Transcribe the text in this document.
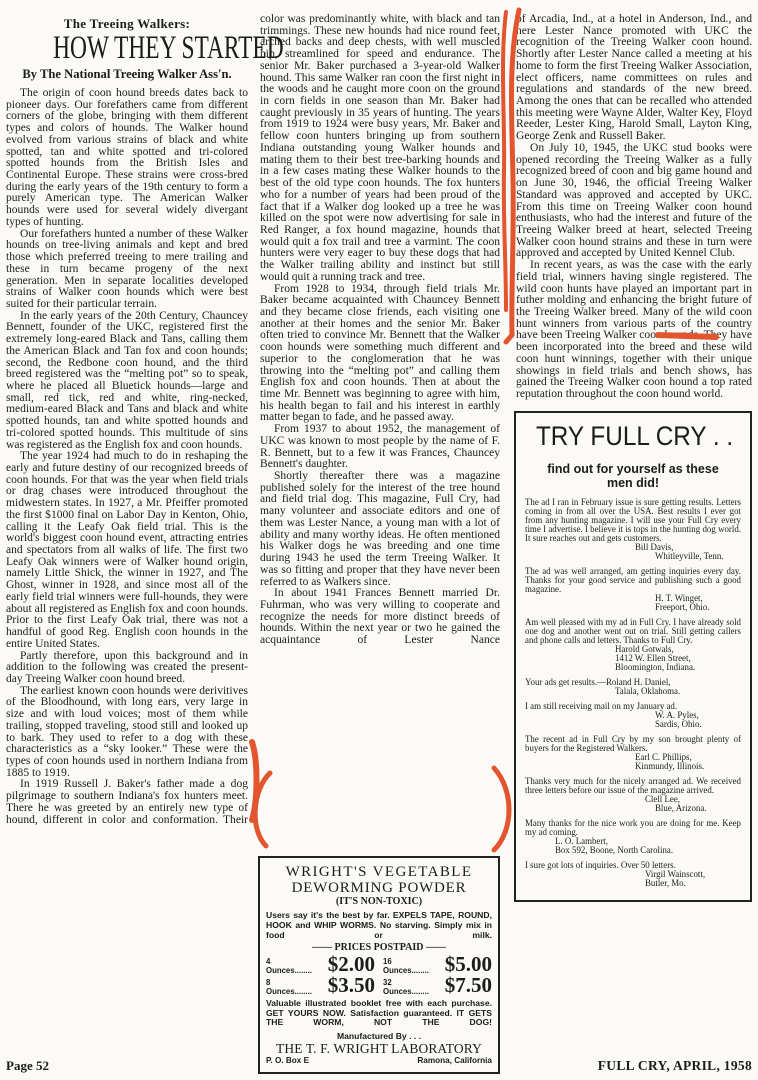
The Treeing Walkers:
HOW THEY STARTED
By The National Treeing Walker Ass'n.

The origin of coon hound breeds dates back to pioneer days. Our forefathers came from different corners of the globe, bringing with them different types and colors of hounds. The Walker hound evolved from various strains of black and white spotted, tan and white spotted and tri-colored spotted hounds from the British Isles and Continental Europe. These strains were cross-bred during the early years of the 19th century to form a purely American type. The American Walker hounds were used for several widely divergant types of hunting.

Our forefathers hunted a number of these Walker hounds on tree-living animals and kept and bred those which preferred treeing to mere trailing and these in turn became progeny of the next generation. Men in separate localities developed strains of Walker coon hounds which were best suited for their particular terrain.

In the early years of the 20th Century, Chauncey Bennett, founder of the UKC, registered first the extremely long-eared Black and Tans, calling them the American Black and Tan fox and coon hounds; second, the Redbone coon hound, and the third breed registered was the “melting pot” so to speak, where he placed all Bluetick hounds—large and small, red tick, red and white, ring-necked, medium-eared Black and Tans and black and white spotted hounds, tan and white spotted hounds and tri-colored spotted hounds. This multitude of sins was registered as the English fox and coon hounds.

The year 1924 had much to do in reshaping the early and future destiny of our recognized breeds of coon hounds. For that was the year when field trials or drag chases were introduced throughout the midwestern states. In 1927, a Mr. Pfeiffer promoted the first $1000 final on Labor Day in Kenton, Ohio, calling it the Leafy Oak field trial. This is the world's biggest coon hound event, attracting entries and spectators from all walks of life. The first two Leafy Oak winners were of Walker hound origin, namely Little Shick, the winner in 1927, and The Ghost, winner in 1928, and since most all of the early field trial winners were full-hounds, they were about all registered as English fox and coon hounds. Prior to the first Leafy Oak trial, there was not a handful of good Reg. English coon hounds in the entire United States.

Partly therefore, upon this background and in addition to the following was created the present-day Treeing Walker coon hound breed.

The earliest known coon hounds were derivitives of the Bloodhound, with long ears, very large in size and with loud voices; most of them while trailing, stopped traveling, stood still and looked up to bark. They used to refer to a dog with these characteristics as a “sky looker.” These were the types of coon hounds used in northern Indiana from 1885 to 1919.

In 1919 Russell J. Baker's father made a dog pilgrimage to southern Indiana's fox hunters meet. There he was greeted by an entirely new type of hound, different in color and conformation. Their

Page 52

color was predominantly white, with black and tan trimmings. These new hounds had nice round feet, arched backs and deep chests, with well muscled hip, streamlined for speed and endurance. The senior Mr. Baker purchased a 3-year-old Walker hound. This same Walker ran coon the first night in the woods and he caught more coon on the ground in corn fields in one season than Mr. Baker had caught previously in 35 years of hunting. The years from 1919 to 1924 were busy years, Mr. Baker and fellow coon hunters bringing up from southern Indiana outstanding young Walker hounds and mating them to their best tree-barking hounds and in a few cases mating these Walker hounds to the best of the old type coon hounds. The fox hunters who for a number of years had been proud of the fact that if a Walker dog looked up a tree he was killed on the spot were now advertising for sale in Red Ranger, a fox hound magazine, hounds that would quit a fox trail and tree a varmint. The coon hunters were very eager to buy these dogs that had the Walker trailing ability and instinct but still would quit a running track and tree.

From 1928 to 1934, through field trials Mr. Baker became acquainted with Chauncey Bennett and they became close friends, each visiting one another at their homes and the senior Mr. Baker often tried to convince Mr. Bennett that the Walker coon hounds were something much different and superior to the conglomeration that he was throwing into the “melting pot” and calling them English fox and coon hounds. Then at about the time Mr. Bennett was beginning to agree with him, his health began to fail and his interest in earthly matter began to fade, and he passed away.

From 1937 to about 1952, the management of UKC was known to most people by the name of F. R. Bennett, but to a few it was Frances, Chauncey Bennett's daughter.

Shortly thereafter there was a magazine published solely for the interest of the tree hound and field trial dog. This magazine, Full Cry, had many volunteer and associate editors and one of them was Lester Nance, a young man with a lot of ability and many worthy ideas. He often mentioned his Walker dogs he was breeding and one time during 1943 he used the term Treeing Walker. It was so fitting and proper that they have never been referred to as Walkers since.

In about 1941 Frances Bennett married Dr. Fuhrman, who was very willing to cooperate and recognize the needs for more distinct breeds of hounds. Within the next year or two he gained the acquaintance of Lester Nance

WRIGHT'S VEGETABLE
DEWORMING POWDER
(IT'S NON-TOXIC)
Users say it's the best by far. EXPELS TAPE, ROUND, HOOK and WHIP WORMS. No starving. Simply mix in food or milk.
—— PRICES POSTPAID ——
4
Ounces........ $2.00 16
Ounces........ $5.00
8
Ounces........ $3.50 32
Ounces........ $7.50
Valuable illustrated booklet free with each purchase. GET YOURS NOW. Satisfaction guaranteed. IT GETS THE WORM, NOT THE DOG!
Manufactured By . . .
THE T. F. WRIGHT LABORATORY
P. O. Box E	Ramona, California

of Arcadia, Ind., at a hotel in Anderson, Ind., and here Lester Nance promoted with UKC the recognition of the Treeing Walker coon hound. Shortly after Lester Nance called a meeting at his home to form the first Treeing Walker Association, elect officers, name committees on rules and regulations and standards of the new breed. Among the ones that can be recalled who attended this meeting were Wayne Alder, Walter Key, Floyd Reeder, Lester King, Harold Small, Layton King, George Zenk and Russell Baker.

On July 10, 1945, the UKC stud books were opened recording the Treeing Walker as a fully recognized breed of coon and big game hound and on June 30, 1946, the official Treeing Walker Standard was approved and accepted by UKC. From this time on Treeing Walker coon hound enthusiasts, who had the interest and future of the Treeing Walker breed at heart, selected Treeing Walker coon hound strains and these in turn were approved and accepted by United Kennel Club.

In recent years, as was the case with the early field trial, winners having single registered. The wild coon hunts have played an important part in futher molding and enhancing the bright future of the Treeing Walker breed. Many of the wild coon hunt winners from various parts of the country have been Treeing Walker coon hounds. They have been incorporated into the breed and these wild coon hunt winnings, together with their unique showings in field trials and bench shows, has gained the Treeing Walker coon hound a top rated reputation throughout the coon hound world.

TRY FULL CRY . .
find out for yourself as these men did!
The ad I ran in February issue is sure getting results. Letters coming in from all over the USA. Best results I ever got from any hunting magazine. I will use your Full Cry every time I advertise. I believe it is tops in the hunting dog world. It sure reaches out and gets customers.
Bill Davis,
Whitleyville, Tenn.
The ad was well arranged, am getting inquiries every day. Thanks for your good service and publishing such a good magazine.
H. T. Winget,
Freeport, Ohio.
Am well pleased with my ad in Full Cry. I have already sold one dog and another went out on trial. Still getting callers and phone calls and letters. Thanks to Full Cry.
Harold Gotwals,
1412 W. Ellen Street,
Bloomington, Indiana.
Your ads get results.—Roland H. Daniel,
Talala, Oklahoma.
I am still receiving mail on my January ad.
W. A. Pyles,
Sardis, Ohio.
The recent ad in Full Cry by my son brought plenty of buyers for the Registered Walkers.
Earl C. Phillips,
Kinmundy, Illinois.
Thanks very much for the nicely arranged ad. We received three letters before our issue of the magazine arrived.
Clell Lee,
Blue, Arizona.
Many thanks for the nice work you are doing for me. Keep my ad coming.
L. O. Lambert,
Box 592, Boone, North Carolina.
I sure got lots of inquiries. Over 50 letters.
Virgil Wainscott,
Butler, Mo.
FULL CRY, APRIL, 1958
